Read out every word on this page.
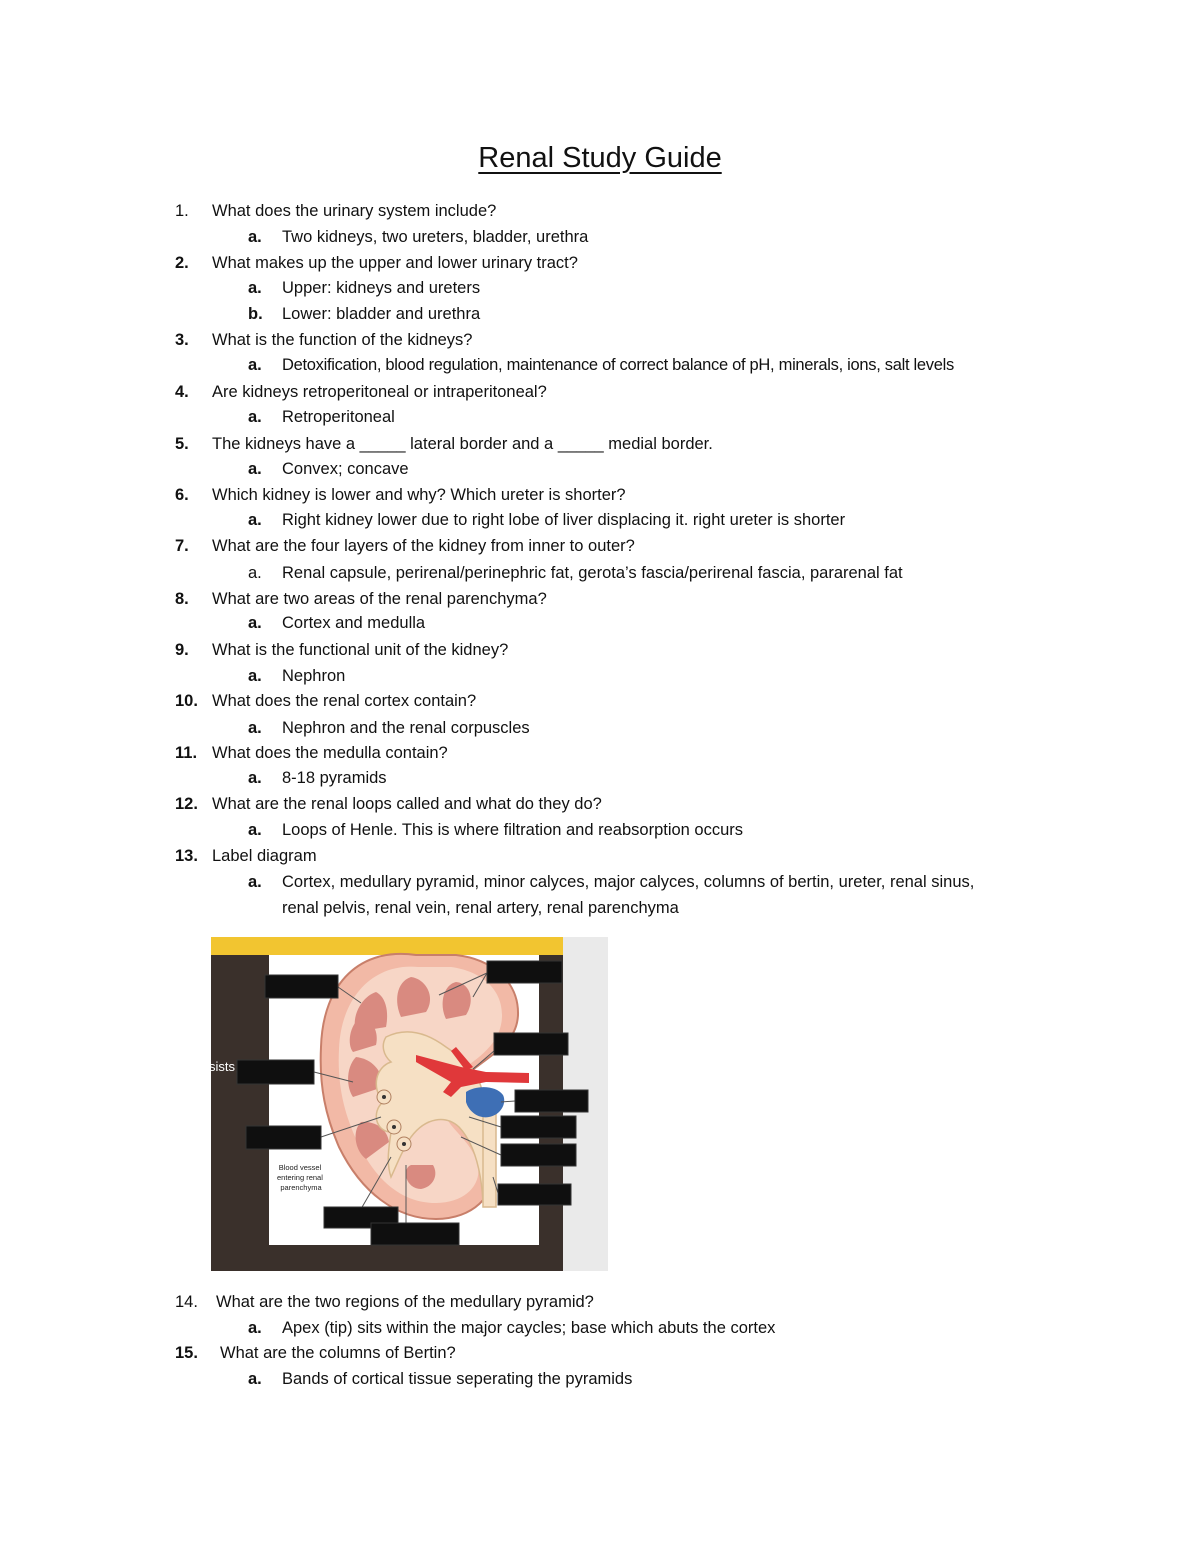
Renal Study Guide
1.	What does the urinary system include?
a.	Two kidneys, two ureters, bladder, urethra
2.	What makes up the upper and lower urinary tract?
a.	Upper: kidneys and ureters
b.	Lower: bladder and urethra
3.	What is the function of the kidneys?
a.	Detoxification, blood regulation, maintenance of correct balance of pH, minerals, ions, salt levels
4.	Are kidneys retroperitoneal or intraperitoneal?
a.	Retroperitoneal
5.	The kidneys have a _____ lateral border and a _____ medial border.
a.	Convex; concave
6.	Which kidney is lower and why? Which ureter is shorter?
a.	Right kidney lower due to right lobe of liver displacing it. right ureter is shorter
7.	What are the four layers of the kidney from inner to outer?
a.	Renal capsule, perirenal/perinephric fat, gerota’s fascia/perirenal fascia, pararenal fat
8.	What are two areas of the renal parenchyma?
a.	Cortex and medulla
9.	What is the functional unit of the kidney?
a.	Nephron
10. What does the renal cortex contain?
a.	Nephron and the renal corpuscles
11. What does the medulla contain?
a.	8-18 pyramids
12. What are the renal loops called and what do they do?
a.	Loops of Henle. This is where filtration and reabsorption occurs
13. Label diagram
a.	Cortex, medullary pyramid, minor calyces, major calyces, columns of bertin, ureter, renal sinus,
renal pelvis, renal vein, renal artery, renal parenchyma
sists
Blood vessel entering renal parenchyma
14.	What are the two regions of the medullary pyramid?
a.	Apex (tip) sits within the major caycles; base which abuts the cortex
15.	What are the columns of Bertin?
a.	Bands of cortical tissue seperating the pyramids
